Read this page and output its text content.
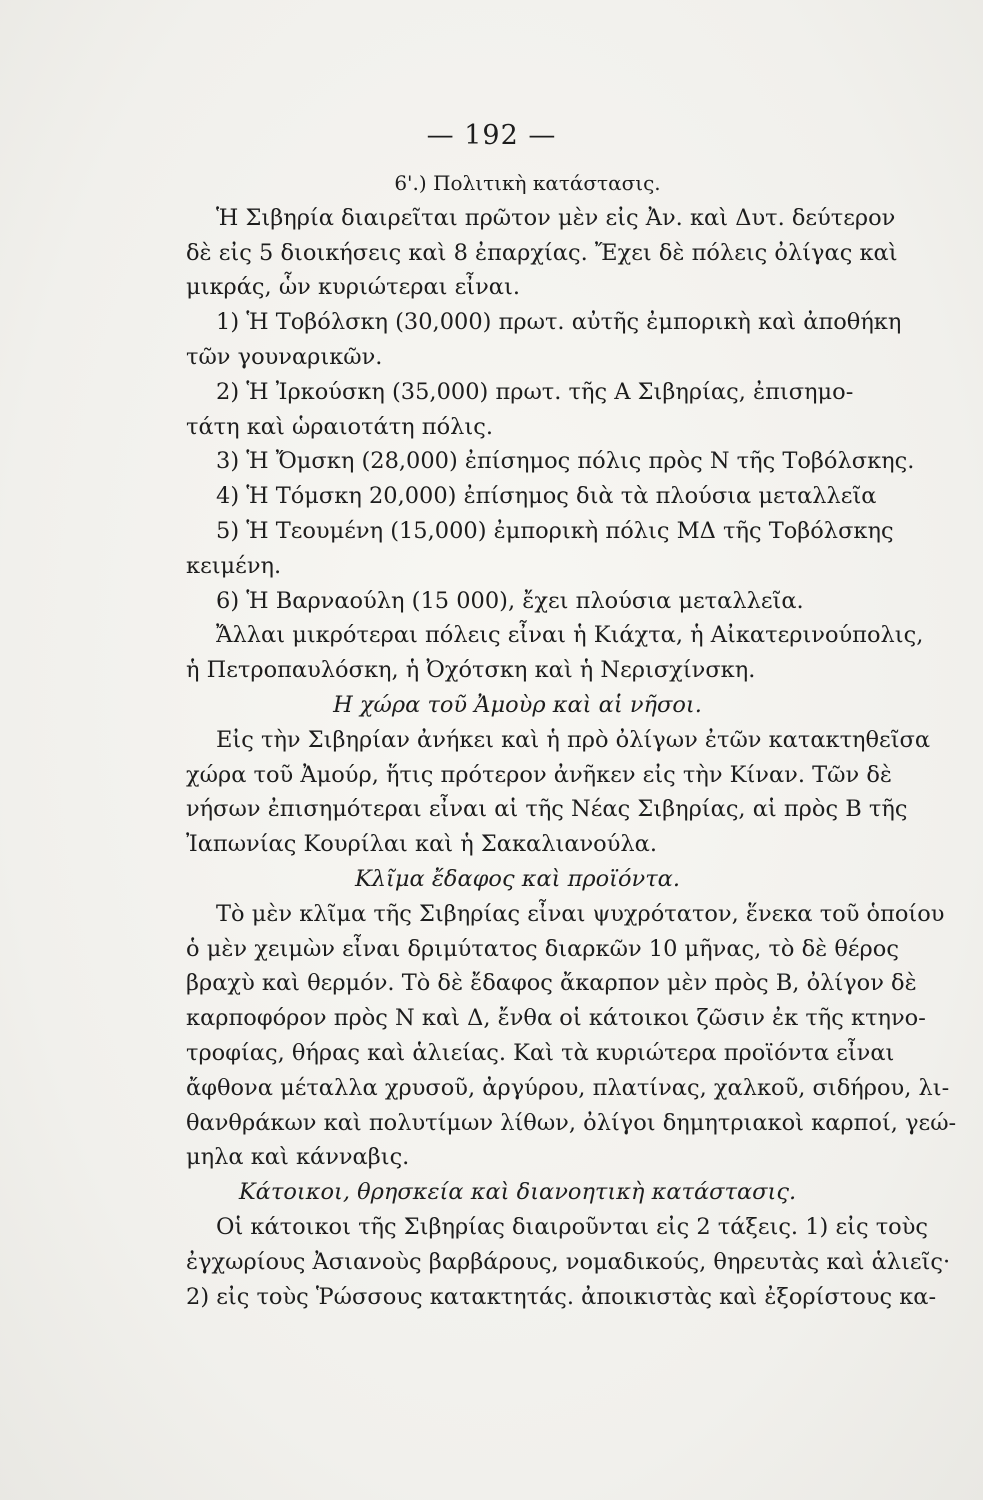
— 192 —
6'.) Πολιτικὴ κατάστασις.
Ἡ Σιβηρία διαιρεῖται πρῶτον μὲν εἰς Ἀν. καὶ Δυτ. δεύτερον
δὲ εἰς 5 διοικήσεις καὶ 8 ἐπαρχίας. Ἔχει δὲ πόλεις ὀλίγας καὶ
μικράς, ὧν κυριώτεραι εἶναι.
1) Ἡ Τοβόλσκη (30,000) πρωτ. αὐτῆς ἐμπορικὴ καὶ ἀποθήκη
τῶν γουναρικῶν.
2) Ἡ Ἰρκούσκη (35,000) πρωτ. τῆς Α Σιβηρίας, ἐπισημο-
τάτη καὶ ὡραιοτάτη πόλις.
3) Ἡ Ὄμσκη (28,000) ἐπίσημος πόλις πρὸς Ν τῆς Τοβόλσκης.
4) Ἡ Τόμσκη 20,000) ἐπίσημος διὰ τὰ πλούσια μεταλλεῖα
5) Ἡ Τεουμένη (15,000) ἐμπορικὴ πόλις ΜΔ τῆς Τοβόλσκης
κειμένη.
6) Ἡ Βαρναούλη (15 000), ἔχει πλούσια μεταλλεῖα.
Ἄλλαι μικρότεραι πόλεις εἶναι ἡ Κιάχτα, ἡ Αἰκατερινούπολις,
ἡ Πετροπαυλόσκη, ἡ Ὀχότσκη καὶ ἡ Νερισχίνσκη.
Η χώρα τοῦ Ἀμοὺρ καὶ αἱ νῆσοι.
Εἰς τὴν Σιβηρίαν ἀνήκει καὶ ἡ πρὸ ὀλίγων ἐτῶν κατακτηθεῖσα
χώρα τοῦ Ἀμούρ, ἥτις πρότερον ἀνῆκεν εἰς τὴν Κίναν. Τῶν δὲ
νήσων ἐπισημότεραι εἶναι αἱ τῆς Νέας Σιβηρίας, αἱ πρὸς Β τῆς
Ἰαπωνίας Κουρίλαι καὶ ἡ Σακαλιανούλα.
Κλῖμα ἔδαφος καὶ προϊόντα.
Τὸ μὲν κλῖμα τῆς Σιβηρίας εἶναι ψυχρότατον, ἕνεκα τοῦ ὁποίου
ὁ μὲν χειμὼν εἶναι δριμύτατος διαρκῶν 10 μῆνας, τὸ δὲ θέρος
βραχὺ καὶ θερμόν. Τὸ δὲ ἔδαφος ἄκαρπον μὲν πρὸς Β, ὀλίγον δὲ
καρποφόρον πρὸς Ν καὶ Δ, ἔνθα οἱ κάτοικοι ζῶσιν ἐκ τῆς κτηνο-
τροφίας, θήρας καὶ ἁλιείας. Καὶ τὰ κυριώτερα προϊόντα εἶναι
ἄφθονα μέταλλα χρυσοῦ, ἀργύρου, πλατίνας, χαλκοῦ, σιδήρου, λι-
θανθράκων καὶ πολυτίμων λίθων, ὀλίγοι δημητριακοὶ καρποί, γεώ-
μηλα καὶ κάνναβις.
Κάτοικοι, θρησκεία καὶ διανοητικὴ κατάστασις.
Οἱ κάτοικοι τῆς Σιβηρίας διαιροῦνται εἰς 2 τάξεις. 1) εἰς τοὺς
ἐγχωρίους Ἀσιανοὺς βαρβάρους, νομαδικούς, θηρευτὰς καὶ ἁλιεῖς·
2) εἰς τοὺς Ῥώσσους κατακτητάς. ἀποικιστὰς καὶ ἐξορίστους κα-
